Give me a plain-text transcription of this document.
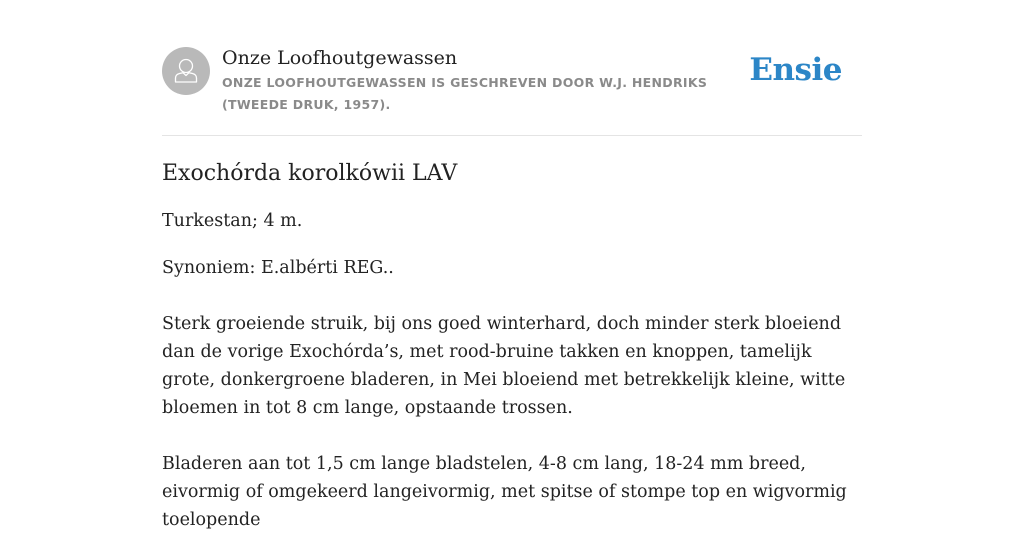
Onze Loofhoutgewassen
ONZE LOOFHOUTGEWASSEN IS GESCHREVEN DOOR W.J. HENDRIKS (TWEEDE DRUK, 1957).
Ensie
Exochórda korolkówii LAV

Turkestan; 4 m.

Synoniem: E.albérti REG..

Sterk groeiende struik, bij ons goed winterhard, doch minder sterk bloeiend dan de vorige Exochórda’s, met rood-bruine takken en knoppen, tamelijk grote, donkergroene bladeren, in Mei bloeiend met betrekkelijk kleine, witte bloemen in tot 8 cm lange, opstaande trossen.

Bladeren aan tot 1,5 cm lange bladstelen, 4-8 cm lang, 18-24 mm breed, eivormig of omgekeerd langeivormig, met spitse of stompe top en wigvormig toelopende
